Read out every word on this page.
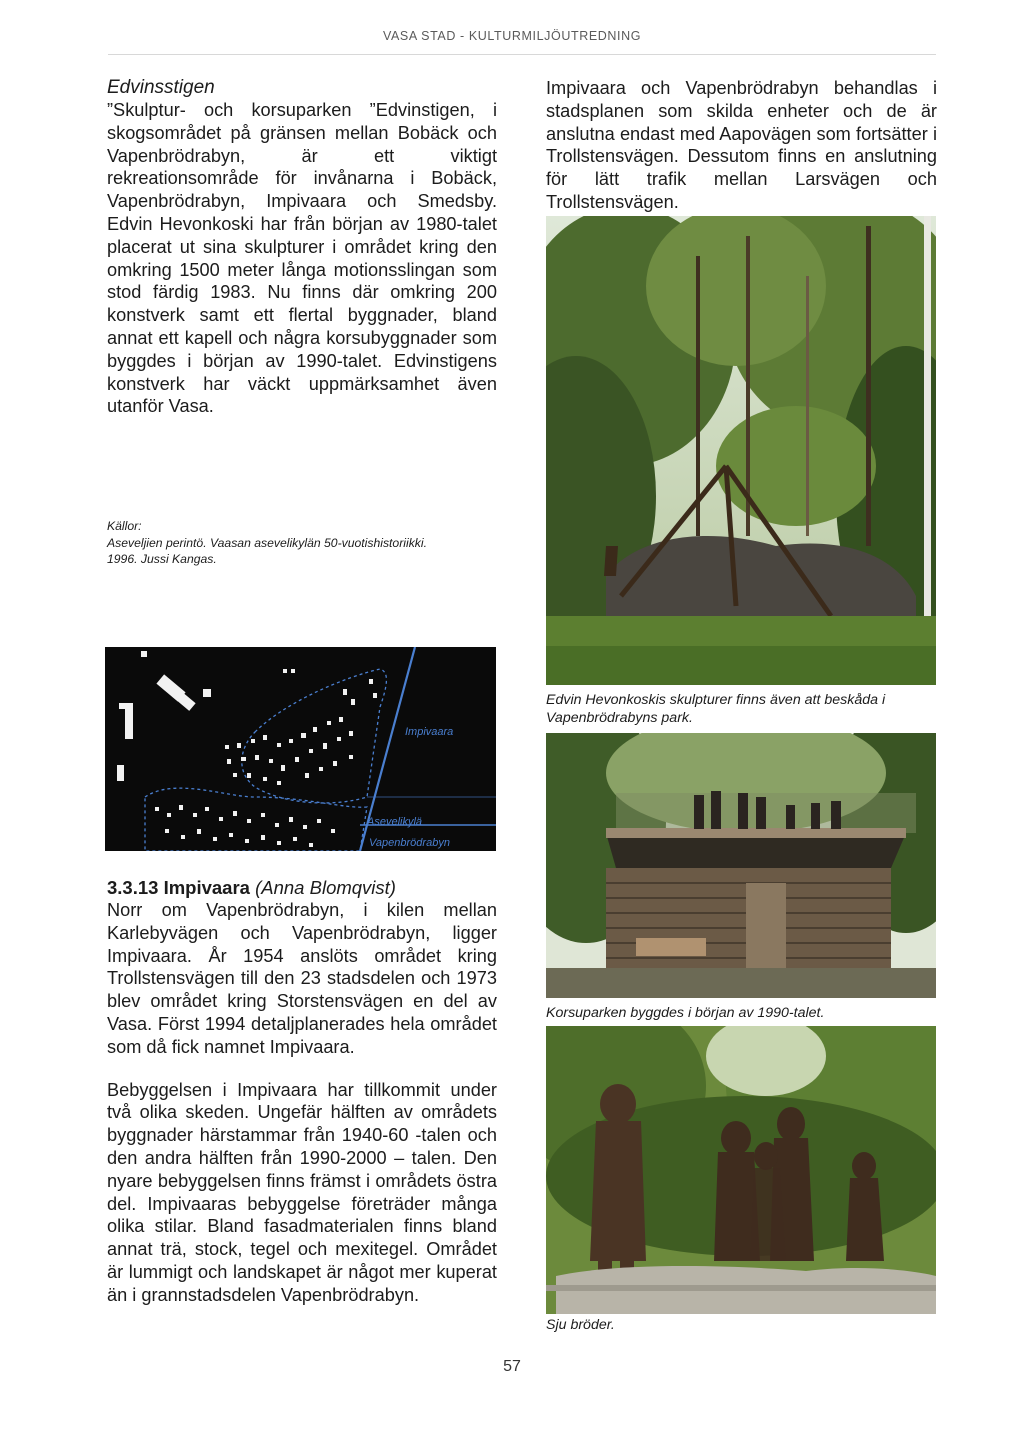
VASA STAD - KULTURMILJÖUTREDNING

Edvinsstigen

”Skulptur- och korsuparken ”Edvinstigen, i skogsområdet på gränsen mellan Bobäck och Vapenbrödrabyn, är ett viktigt rekreationsområde för invånarna i Bobäck, Vapenbrödrabyn, Impivaara och Smedsby. Edvin Hevonkoski har från början av 1980-talet placerat ut sina skulpturer i området kring den omkring 1500 meter långa motionsslingan som stod färdig 1983. Nu finns där omkring 200 konstverk samt ett flertal byggnader, bland annat ett kapell och några korsubyggnader som byggdes i början av 1990-talet. Edvinstigens konstverk har väckt uppmärksamhet även utanför Vasa.

Källor:

Aseveljien perintö. Vaasan asevelikylän 50-vuotishistoriikki.

1996. Jussi Kangas.

Impivaara
Asevelikylä
Vapenbrödrabyn

3.3.13 Impivaara (Anna Blomqvist)

Norr om Vapenbrödrabyn, i kilen mellan Karlebyvägen och Vapenbrödrabyn, ligger Impivaara. År 1954 anslöts området kring Trollstensvägen till den 23 stadsdelen och 1973 blev området kring Storstensvägen en del av Vasa. Först 1994 detaljplanerades hela området som då fick namnet Impivaara.

Bebyggelsen i Impivaara har tillkommit under två olika skeden. Ungefär hälften av områdets byggnader härstammar från 1940-60 -talen och den andra hälften från 1990-2000 – talen. Den nyare bebyggelsen finns främst i områdets östra del. Impivaaras bebyggelse företräder många olika stilar. Bland fasadmaterialen finns bland annat trä, stock, tegel och mexitegel. Området är lummigt och landskapet är något mer kuperat än i grannstadsdelen Vapenbrödrabyn.

Impivaara och Vapenbrödrabyn behandlas i stadsplanen som skilda enheter och de är anslutna endast med Aapovägen som fortsätter i Trollstensvägen. Dessutom finns en anslutning för lätt trafik mellan Larsvägen och Trollstensvägen.

Edvin Hevonkoskis skulpturer finns även att beskåda i Vapenbrödrabyns park.

Korsuparken byggdes i början av 1990-talet.

Sju bröder.

57
